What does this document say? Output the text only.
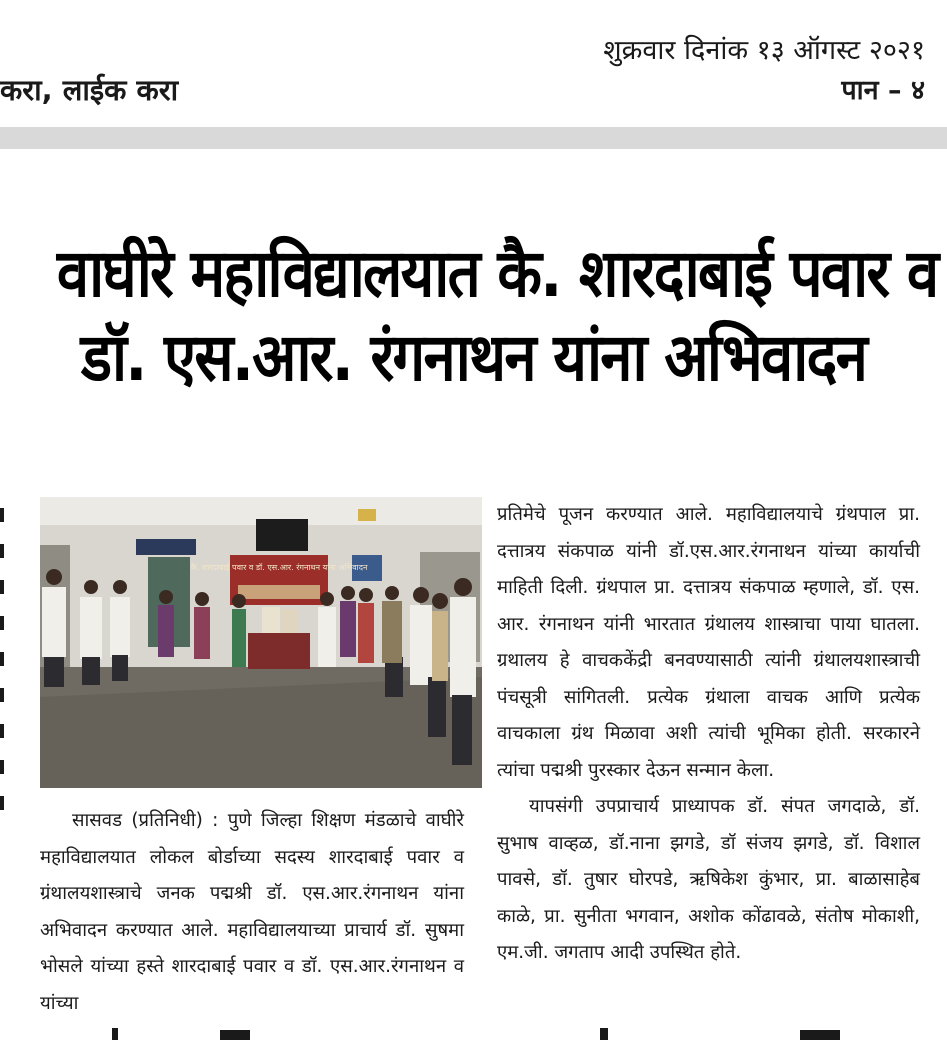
करा, लाईक करा
शुक्रवार दिनांक १३ ऑगस्ट २०२१
पान – ४
वाघीरे महाविद्यालयात कै. शारदाबाई पवार व
डॉ. एस.आर. रंगनाथन यांना अभिवादन
कै. शारदाबाई पवार व डॉ. एस.आर. रंगनाथन यांना अभिवादन

सासवड (प्रतिनिधी) : पुणे जिल्हा शिक्षण मंडळाचे वाघीरे महाविद्यालयात लोकल बोर्डाच्या सदस्य शारदाबाई पवार व ग्रंथालयशास्त्राचे जनक पद्मश्री डॉ. एस.आर.रंगनाथन यांना अभिवादन करण्यात आले. महाविद्यालयाच्या प्राचार्य डॉ. सुषमा भोसले यांच्या हस्ते शारदाबाई पवार व डॉ. एस.आर.रंगनाथन व यांच्या

प्रतिमेचे पूजन करण्यात आले. महाविद्यालयाचे ग्रंथपाल प्रा. दत्तात्रय संकपाळ यांनी डॉ.एस.आर.रंगनाथन यांच्या कार्याची माहिती दिली. ग्रंथपाल प्रा. दत्तात्रय संकपाळ म्हणाले, डॉ. एस. आर. रंगनाथन यांनी भारतात ग्रंथालय शास्त्राचा पाया घातला. ग्रथालय हे वाचककेंद्री बनवण्यासाठी त्यांनी ग्रंथालयशास्त्राची पंचसूत्री सांगितली. प्रत्येक ग्रंथाला वाचक आणि प्रत्येक वाचकाला ग्रंथ मिळावा अशी त्यांची भूमिका होती. सरकारने त्यांचा पद्मश्री पुरस्कार देऊन सन्मान केला.

यापसंगी उपप्राचार्य प्राध्यापक डॉ. संपत जगदाळे, डॉ. सुभाष वाव्हळ, डॉ.नाना झगडे, डॉ संजय झगडे, डॉ. विशाल पावसे, डॉ. तुषार घोरपडे, ऋषिकेश कुंभार, प्रा. बाळासाहेब काळे, प्रा. सुनीता भगवान, अशोक कोंढावळे, संतोष मोकाशी, एम.जी. जगताप आदी उपस्थित होते.
